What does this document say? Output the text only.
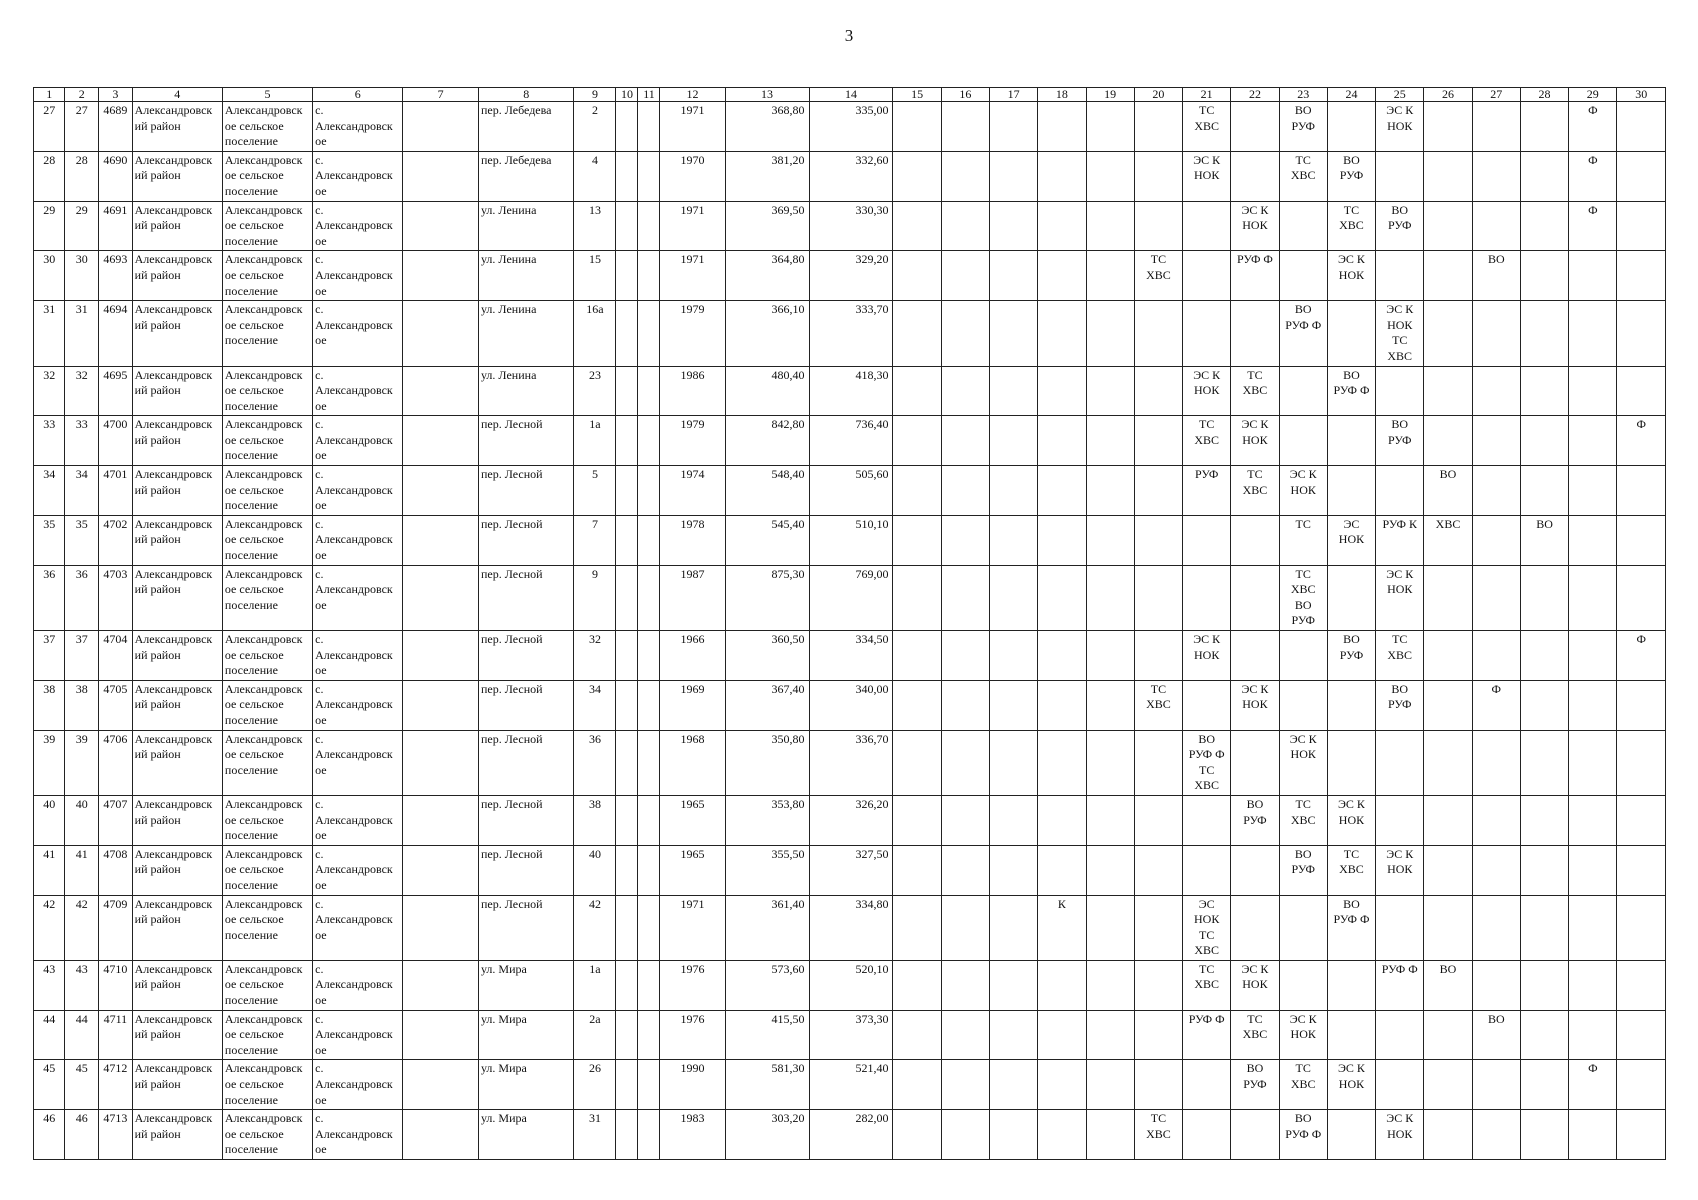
3
1	2	3	4	5	6	7	8	9	10	11	12	13	14	15	16	17	18	19	20	21	22	23	24	25	26	27	28	29	30
27	27	4689	Александровск
ий район	Александровск
ое сельское
поселение	с.
Александровск
ое		пер. Лебедева	2			1971	368,80	335,00							ТС
ХВС		ВО
РУФ		ЭС К
НОК				Ф	
28	28	4690	Александровск
ий район	Александровск
ое сельское
поселение	с.
Александровск
ое		пер. Лебедева	4			1970	381,20	332,60							ЭС К
НОК		ТС
ХВС	ВО
РУФ					Ф	
29	29	4691	Александровск
ий район	Александровск
ое сельское
поселение	с.
Александровск
ое		ул. Ленина	13			1971	369,50	330,30								ЭС К
НОК		ТС
ХВС	ВО
РУФ				Ф	
30	30	4693	Александровск
ий район	Александровск
ое сельское
поселение	с.
Александровск
ое		ул. Ленина	15			1971	364,80	329,20						ТС
ХВС		РУФ Ф		ЭС К
НОК			ВО			
31	31	4694	Александровск
ий район	Александровск
ое сельское
поселение	с.
Александровск
ое		ул. Ленина	16а			1979	366,10	333,70									ВО
РУФ Ф		ЭС К
НОК
ТС
ХВС					
32	32	4695	Александровск
ий район	Александровск
ое сельское
поселение	с.
Александровск
ое		ул. Ленина	23			1986	480,40	418,30							ЭС К
НОК	ТС
ХВС		ВО
РУФ Ф						
33	33	4700	Александровск
ий район	Александровск
ое сельское
поселение	с.
Александровск
ое		пер. Лесной	1а			1979	842,80	736,40							ТС
ХВС	ЭС К
НОК			ВО
РУФ					Ф
34	34	4701	Александровск
ий район	Александровск
ое сельское
поселение	с.
Александровск
ое		пер. Лесной	5			1974	548,40	505,60							РУФ	ТС
ХВС	ЭС К
НОК			ВО				
35	35	4702	Александровск
ий район	Александровск
ое сельское
поселение	с.
Александровск
ое		пер. Лесной	7			1978	545,40	510,10									ТС	ЭС
НОК	РУФ К	ХВС		ВО		
36	36	4703	Александровск
ий район	Александровск
ое сельское
поселение	с.
Александровск
ое		пер. Лесной	9			1987	875,30	769,00									ТС
ХВС
ВО
РУФ		ЭС К
НОК					
37	37	4704	Александровск
ий район	Александровск
ое сельское
поселение	с.
Александровск
ое		пер. Лесной	32			1966	360,50	334,50							ЭС К
НОК			ВО
РУФ	ТС
ХВС					Ф
38	38	4705	Александровск
ий район	Александровск
ое сельское
поселение	с.
Александровск
ое		пер. Лесной	34			1969	367,40	340,00						ТС
ХВС		ЭС К
НОК			ВО
РУФ		Ф			
39	39	4706	Александровск
ий район	Александровск
ое сельское
поселение	с.
Александровск
ое		пер. Лесной	36			1968	350,80	336,70							ВО
РУФ Ф
ТС
ХВС		ЭС К
НОК							
40	40	4707	Александровск
ий район	Александровск
ое сельское
поселение	с.
Александровск
ое		пер. Лесной	38			1965	353,80	326,20								ВО
РУФ	ТС
ХВС	ЭС К
НОК						
41	41	4708	Александровск
ий район	Александровск
ое сельское
поселение	с.
Александровск
ое		пер. Лесной	40			1965	355,50	327,50									ВО
РУФ	ТС
ХВС	ЭС К
НОК					
42	42	4709	Александровск
ий район	Александровск
ое сельское
поселение	с.
Александровск
ое		пер. Лесной	42			1971	361,40	334,80				К			ЭС
НОК
ТС
ХВС			ВО
РУФ Ф						
43	43	4710	Александровск
ий район	Александровск
ое сельское
поселение	с.
Александровск
ое		ул. Мира	1а			1976	573,60	520,10							ТС
ХВС	ЭС К
НОК			РУФ Ф	ВО				
44	44	4711	Александровск
ий район	Александровск
ое сельское
поселение	с.
Александровск
ое		ул. Мира	2а			1976	415,50	373,30							РУФ Ф	ТС
ХВС	ЭС К
НОК				ВО			
45	45	4712	Александровск
ий район	Александровск
ое сельское
поселение	с.
Александровск
ое		ул. Мира	26			1990	581,30	521,40								ВО
РУФ	ТС
ХВС	ЭС К
НОК					Ф	
46	46	4713	Александровск
ий район	Александровск
ое сельское
поселение	с.
Александровск
ое		ул. Мира	31			1983	303,20	282,00						ТС
ХВС			ВО
РУФ Ф		ЭС К
НОК					
